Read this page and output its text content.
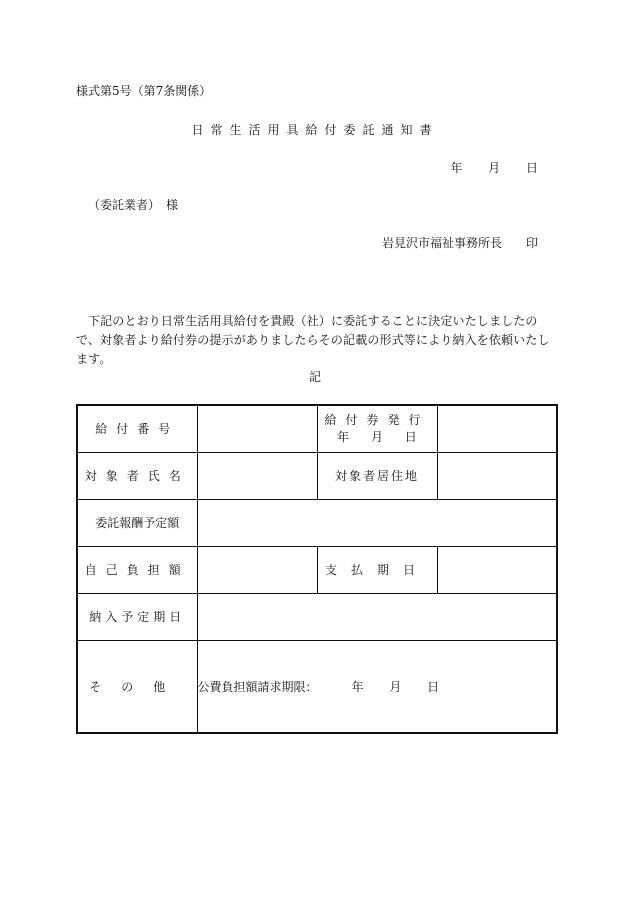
様式第5号（第7条関係）
日常生活用具給付委託通知書
年 月 日
（委託業者）　様
岩見沢市福祉事務所長　　印
下記のとおり日常生活用具給付を貴殿（社）に委託することに決定いたしましたので、対象者より給付券の提示がありましたらその記載の形式等により納入を依頼いたします。
記
給付番号		給付券発行
年 月 日	

対象者氏名		対象者居住地	
委託報酬予定額			
自己負担額		支払期日	
納入予定期日			
その他	公費負担額請求期限： 年 月 日		
